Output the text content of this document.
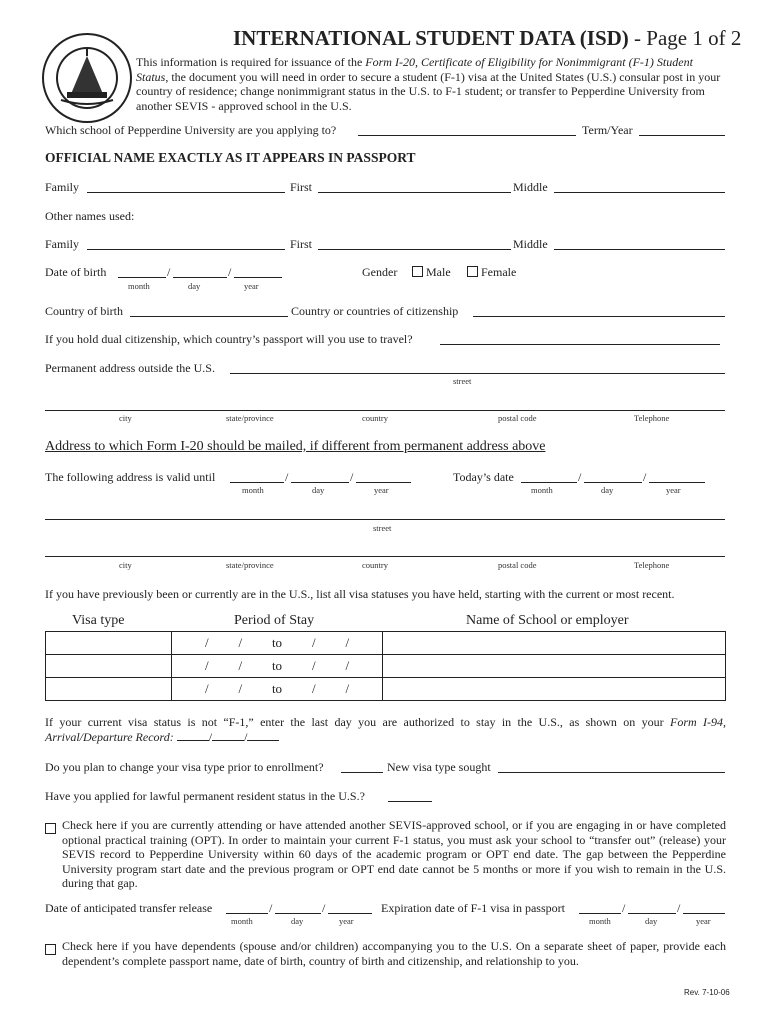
INTERNATIONAL STUDENT DATA (ISD) - Page 1 of 2
This information is required for issuance of the Form I-20, Certificate of Eligibility for Nonimmigrant (F-1) Student Status, the document you will need in order to secure a student (F-1) visa at the United States (U.S.) consular post in your country of residence; change nonimmigrant status in the U.S. to F-1 student; or transfer to Pepperdine University from another SEVIS - approved school in the U.S.
Which school of Pepperdine University are you applying to?	Term/Year
OFFICIAL NAME EXACTLY AS IT APPEARS IN PASSPORT
Family	First	Middle
Other names used:
Family	First	Middle
Date of birth	/	/
month	day	year
Gender	Male	Female
Country of birth	Country or countries of citizenship
If you hold dual citizenship, which country’s passport will you use to travel?
Permanent address outside the U.S.
street
city	state/province	country	postal code	Telephone
Address to which Form I-20 should be mailed, if different from permanent address above
The following address is valid until	/	/
month	day	year
Today’s date	/	/
month	day	year
street
city	state/province	country	postal code	Telephone
If you have previously been or currently are in the U.S., list all visa statuses you have held, starting with the current or most recent.
Visa type	Period of Stay	Name of School or employer

	/ / to / /	

	/ / to / /	

	/ / to / /	

If your current visa status is not “F-1,” enter the last day you are authorized to stay in the U.S., as shown on your Form I-94, Arrival/Departure Record:	/	/
Do you plan to change your visa type prior to enrollment?	New visa type sought
Have you applied for lawful permanent resident status in the U.S.?
Check here if you are currently attending or have attended another SEVIS-approved school, or if you are engaging in or have completed optional practical training (OPT). In order to maintain your current F-1 status, you must ask your school to “transfer out” (release) your SEVIS record to Pepperdine University within 60 days of the academic program or OPT end date. The gap between the Pepperdine University program start date and the previous program or OPT end date cannot be 5 months or more if you wish to remain in the U.S. during that gap.
Date of anticipated transfer release	/	/
month	day	year
Expiration date of F-1 visa in passport	/	/
month	day	year
Check here if you have dependents (spouse and/or children) accompanying you to the U.S. On a separate sheet of paper, provide each dependent’s complete passport name, date of birth, country of birth and citizenship, and relationship to you.
Rev. 7-10-06
